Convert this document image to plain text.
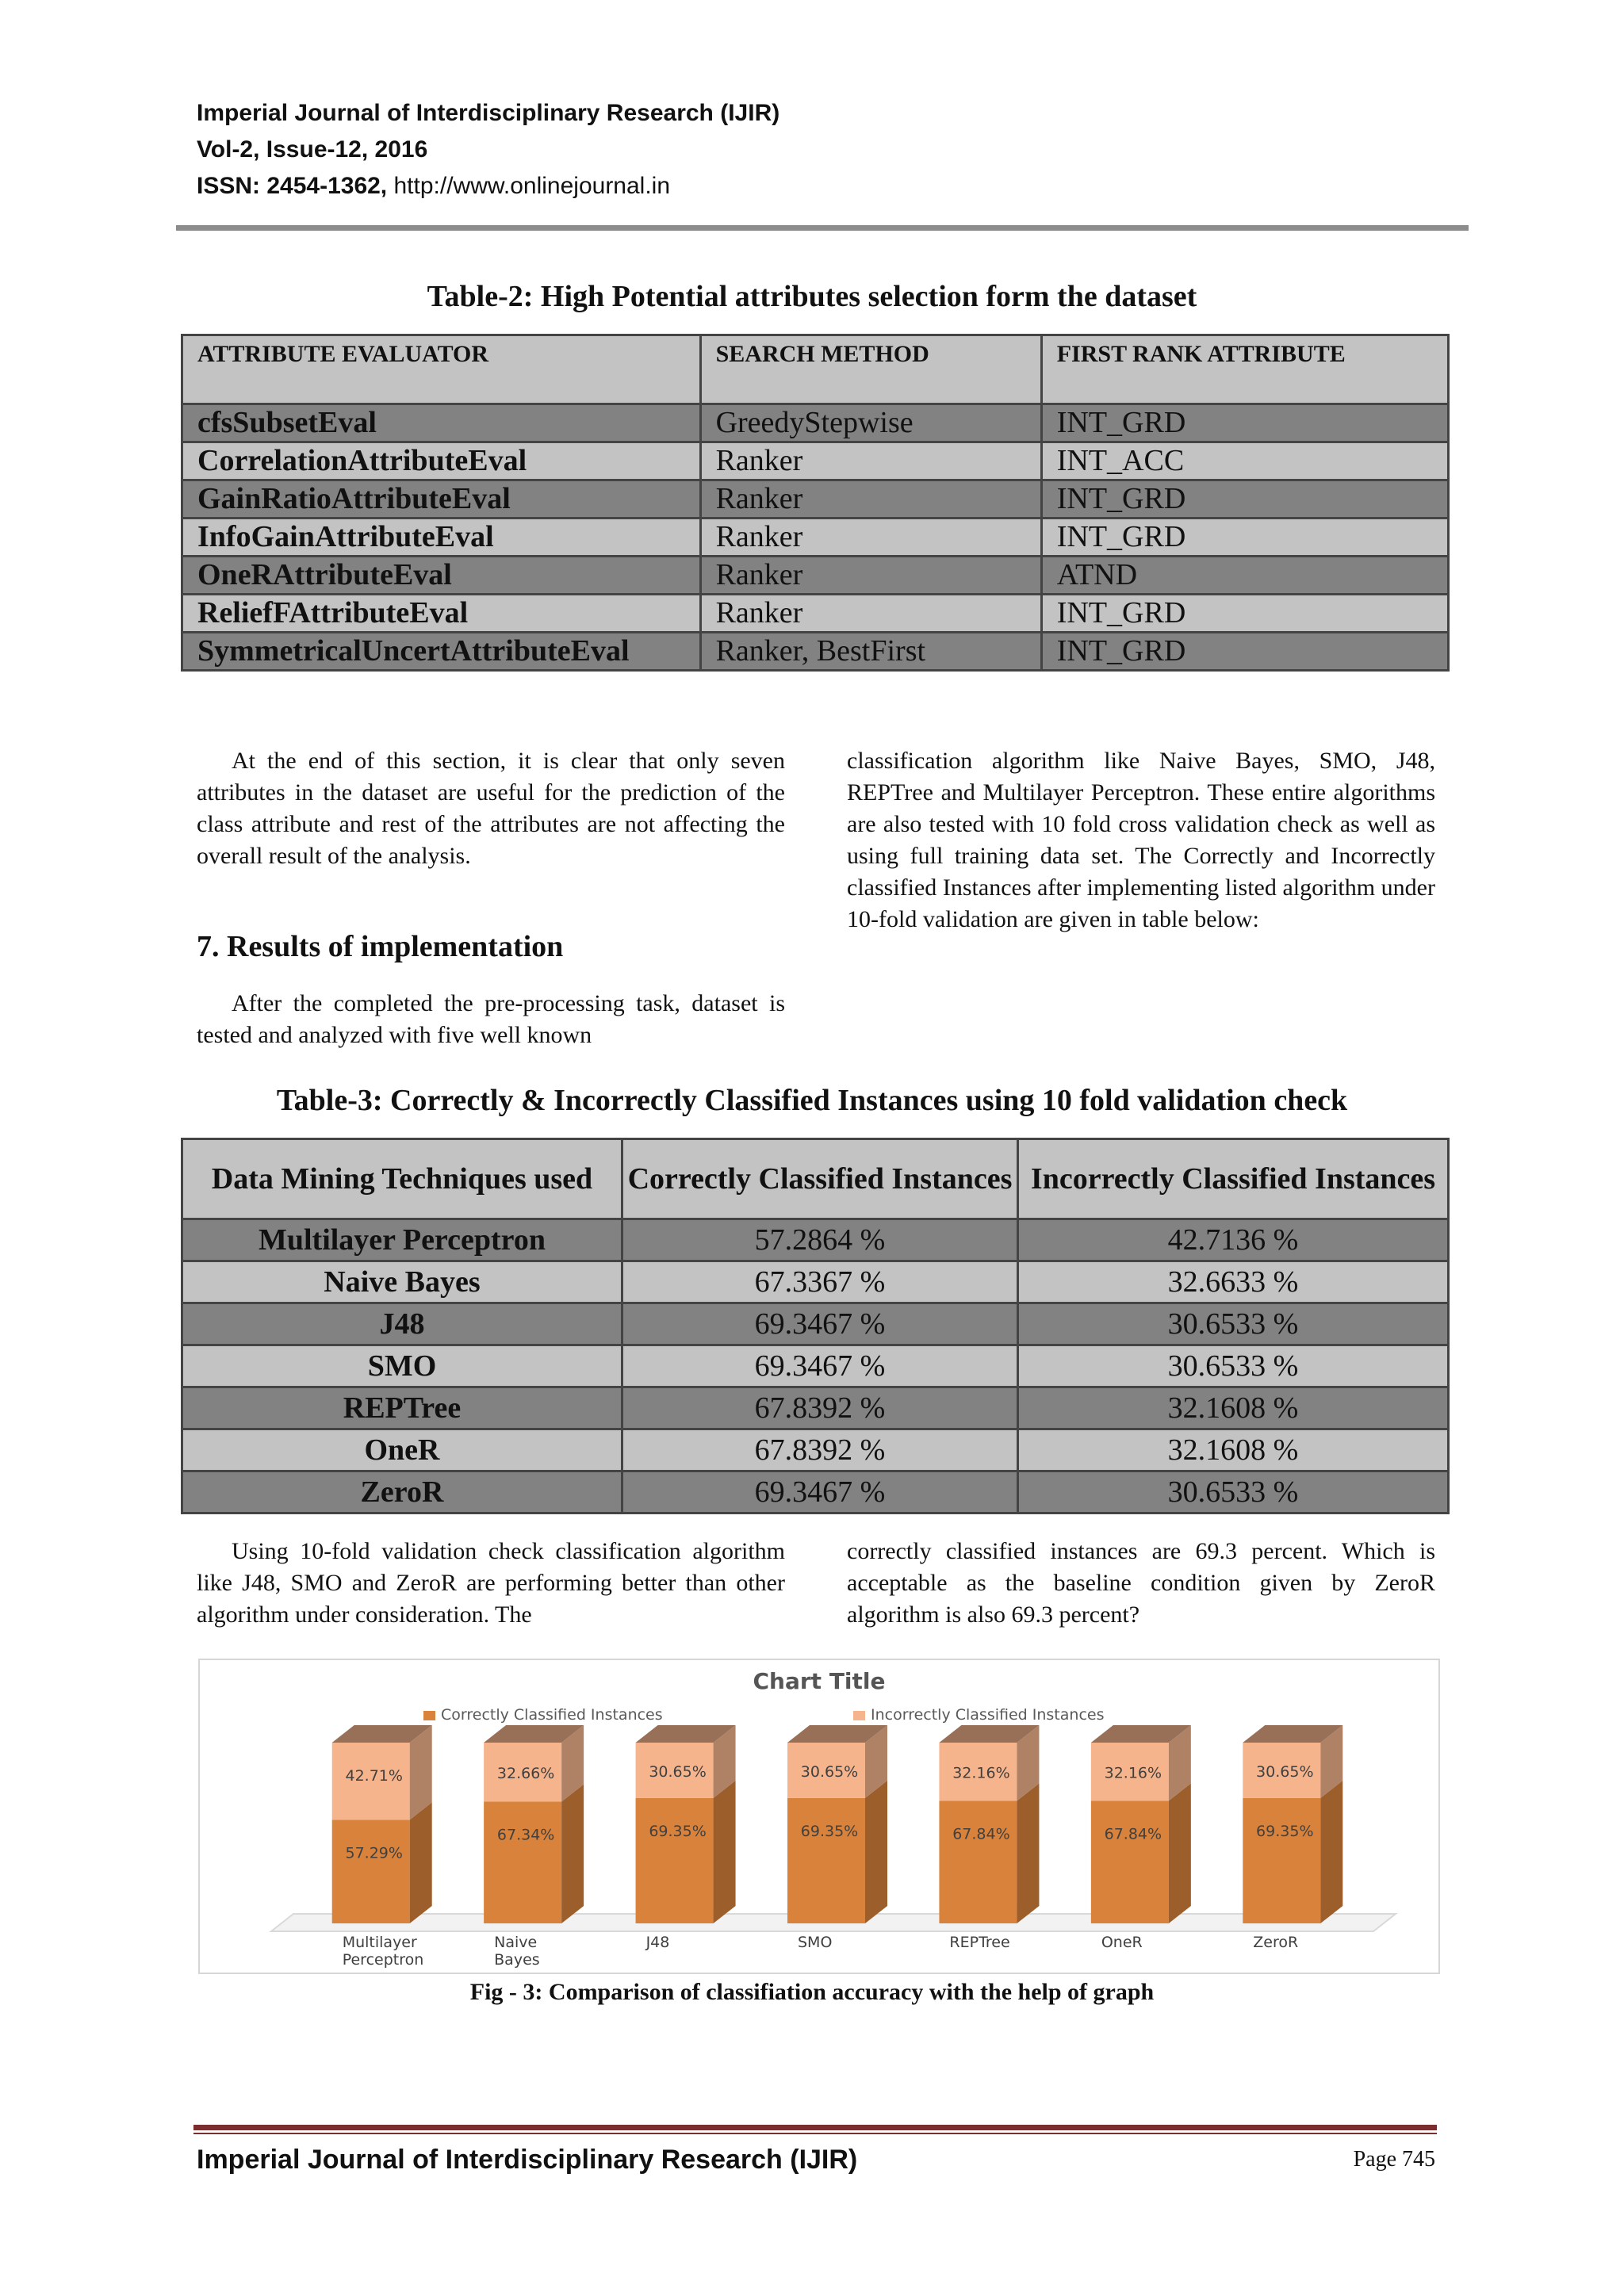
Imperial Journal of Interdisciplinary Research (IJIR)
Vol-2, Issue-12, 2016
ISSN: 2454-1362, http://www.onlinejournal.in
Table-2: High Potential attributes selection form the dataset
ATTRIBUTE EVALUATOR	SEARCH METHOD	FIRST RANK ATTRIBUTE
cfsSubsetEval	GreedyStepwise	INT_GRD
CorrelationAttributeEval	Ranker	INT_ACC
GainRatioAttributeEval	Ranker	INT_GRD
InfoGainAttributeEval	Ranker	INT_GRD
OneRAttributeEval	Ranker	ATND
ReliefFAttributeEval	Ranker	INT_GRD
SymmetricalUncertAttributeEval	Ranker, BestFirst	INT_GRD

At the end of this section, it is clear that only seven attributes in the dataset are useful for the prediction of the class attribute and rest of the attributes are not affecting the overall result of the analysis.

7. Results of implementation

After the completed the pre-processing task, dataset is tested and analyzed with five well known

classification algorithm like Naive Bayes, SMO, J48, REPTree and Multilayer Perceptron. These entire algorithms are also tested with 10 fold cross validation check as well as using full training data set. The Correctly and Incorrectly classified Instances after implementing listed algorithm under 10-fold validation are given in table below:

Table-3: Correctly & Incorrectly Classified Instances using 10 fold validation check
Data Mining Techniques used	Correctly Classified Instances	Incorrectly Classified Instances
Multilayer Perceptron	57.2864 %	42.7136 %
Naive Bayes	67.3367 %	32.6633 %
J48	69.3467 %	30.6533 %
SMO	69.3467 %	30.6533 %
REPTree	67.8392 %	32.1608 %
OneR	67.8392 %	32.1608 %
ZeroR	69.3467 %	30.6533 %

Using 10-fold validation check classification algorithm like J48, SMO and ZeroR are performing better than other algorithm under consideration. The

correctly classified instances are 69.3 percent. Which is acceptable as the baseline condition given by ZeroR algorithm is also 69.3 percent?

Chart Title
Correctly Classified Instances	Incorrectly Classified Instances
57.29%
42.71%
67.34%
32.66%
69.35%
30.65%
69.35%
30.65%
67.84%
32.16%
67.84%
32.16%
69.35%
30.65%
Multilayer
Perceptron
Naive
Bayes
J48	SMO	REPTree	OneR	ZeroR
Fig - 3: Comparison of classifiation accuracy with the help of graph
Imperial Journal of Interdisciplinary Research (IJIR)	Page 745
